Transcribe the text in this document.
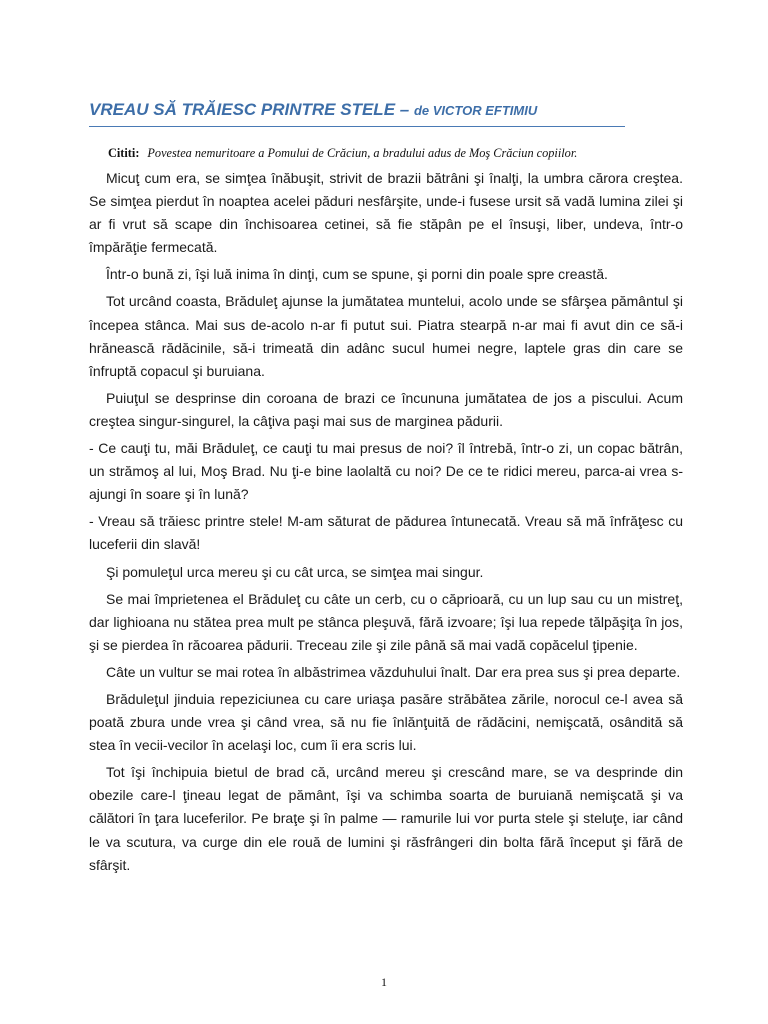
VREAU SĂ TRĂIESC PRINTRE STELE – de VICTOR EFTIMIU

Cititi: Povestea nemuritoare a Pomului de Crăciun, a bradului adus de Moş Crăciun copiilor.

Micuţ cum era, se simţea înăbuşit, strivit de brazii bătrâni şi înalţi, la umbra cărora creştea. Se simţea pierdut în noaptea acelei păduri nesfârşite, unde-i fusese ursit să vadă lumina zilei şi ar fi vrut să scape din închisoarea cetinei, să fie stăpân pe el însuşi, liber, undeva, într-o împărăţie fermecată.

Într-o bună zi, îşi luă inima în dinţi, cum se spune, şi porni din poale spre creastă.

Tot urcând coasta, Brăduleţ ajunse la jumătatea muntelui, acolo unde se sfârşea pământul şi începea stânca. Mai sus de-acolo n-ar fi putut sui. Piatra stearpă n-ar mai fi avut din ce să-i hrănească rădăcinile, să-i trimeată din adânc sucul humei negre, laptele gras din care se înfruptă copacul şi buruiana.

Puiuţul se desprinse din coroana de brazi ce încununa jumătatea de jos a piscului. Acum creştea singur-singurel, la câţiva paşi mai sus de marginea pădurii.

- Ce cauţi tu, măi Brăduleţ, ce cauţi tu mai presus de noi? îl întrebă, într-o zi, un copac bătrân, un strămoş al lui, Moş Brad. Nu ţi-e bine laolaltă cu noi? De ce te ridici mereu, parca-ai vrea s-ajungi în soare şi în lună?

- Vreau să trăiesc printre stele! M-am săturat de pădurea întunecată. Vreau să mă înfrăţesc cu luceferii din slavă!

Şi pomuleţul urca mereu şi cu cât urca, se simţea mai singur.

Se mai împrietenea el Brăduleţ cu câte un cerb, cu o căprioară, cu un lup sau cu un mistreţ, dar lighioana nu stătea prea mult pe stânca pleşuvă, fără izvoare; îşi lua repede tălpăşiţa în jos, şi se pierdea în răcoarea pădurii. Treceau zile şi zile până să mai vadă copăcelul ţipenie.

Câte un vultur se mai rotea în albăstrimea văzduhului înalt. Dar era prea sus şi prea departe.

Brăduleţul jinduia repeziciunea cu care uriaşa pasăre străbătea zările, norocul ce-l avea să poată zbura unde vrea şi când vrea, să nu fie înlănţuită de rădăcini, nemişcată, osândită să stea în vecii-vecilor în acelaşi loc, cum îi era scris lui.

Tot îşi închipuia bietul de brad că, urcând mereu şi crescând mare, se va desprinde din obezile care-l ţineau legat de pământ, îşi va schimba soarta de buruiană nemişcată şi va călători în ţara luceferilor. Pe braţe şi în palme — ramurile lui vor purta stele şi steluţe, iar când le va scutura, va curge din ele rouă de lumini şi răsfrângeri din bolta fără început şi fără de sfârşit.

1
